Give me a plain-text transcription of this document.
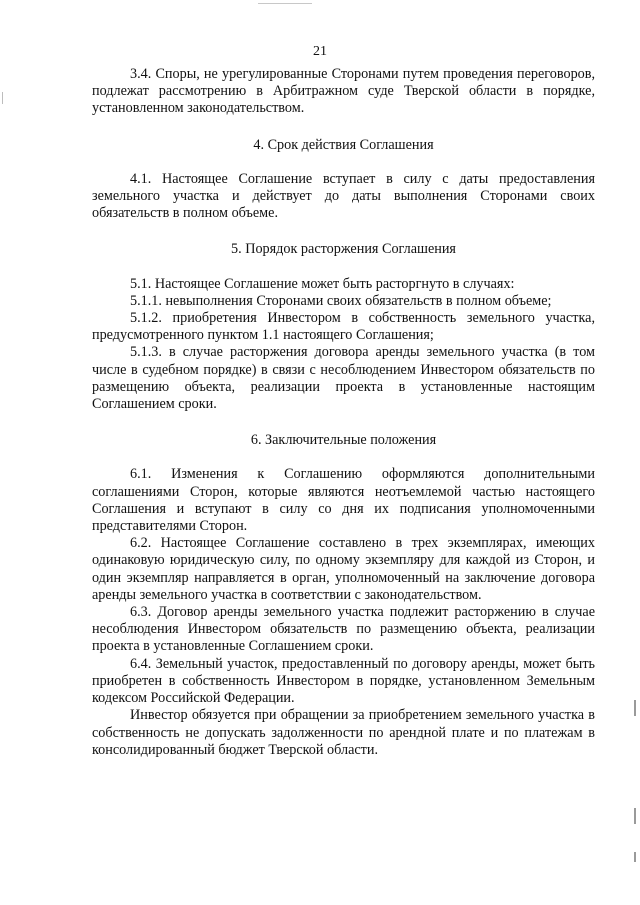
21

3.4. Споры, не урегулированные Сторонами путем проведения переговоров, подлежат рассмотрению в Арбитражном суде Тверской области в порядке, установленном законодательством.

4. Срок действия Соглашения

4.1. Настоящее Соглашение вступает в силу с даты предоставления земельного участка и действует до даты выполнения Сторонами своих обязательств в полном объеме.

5. Порядок расторжения Соглашения

5.1. Настоящее Соглашение может быть расторгнуто в случаях:

5.1.1. невыполнения Сторонами своих обязательств в полном объеме;

5.1.2. приобретения Инвестором в собственность земельного участка, предусмотренного пунктом 1.1 настоящего Соглашения;

5.1.3. в случае расторжения договора аренды земельного участка (в том числе в судебном порядке) в связи с несоблюдением Инвестором обязательств по размещению объекта, реализации проекта в установленные настоящим Соглашением сроки.

6. Заключительные положения

6.1. Изменения к Соглашению оформляются дополнительными соглашениями Сторон, которые являются неотъемлемой частью настоящего Соглашения и вступают в силу со дня их подписания уполномоченными представителями Сторон.

6.2. Настоящее Соглашение составлено в трех экземплярах, имеющих одинаковую юридическую силу, по одному экземпляру для каждой из Сторон, и один экземпляр направляется в орган, уполномоченный на заключение договора аренды земельного участка в соответствии с законодательством.

6.3. Договор аренды земельного участка подлежит расторжению в случае несоблюдения Инвестором обязательств по размещению объекта, реализации проекта в установленные Соглашением сроки.

6.4. Земельный участок, предоставленный по договору аренды, может быть приобретен в собственность Инвестором в порядке, установленном Земельным кодексом Российской Федерации.

Инвестор обязуется при обращении за приобретением земельного участка в собственность не допускать задолженности по арендной плате и по платежам в консолидированный бюджет Тверской области.
